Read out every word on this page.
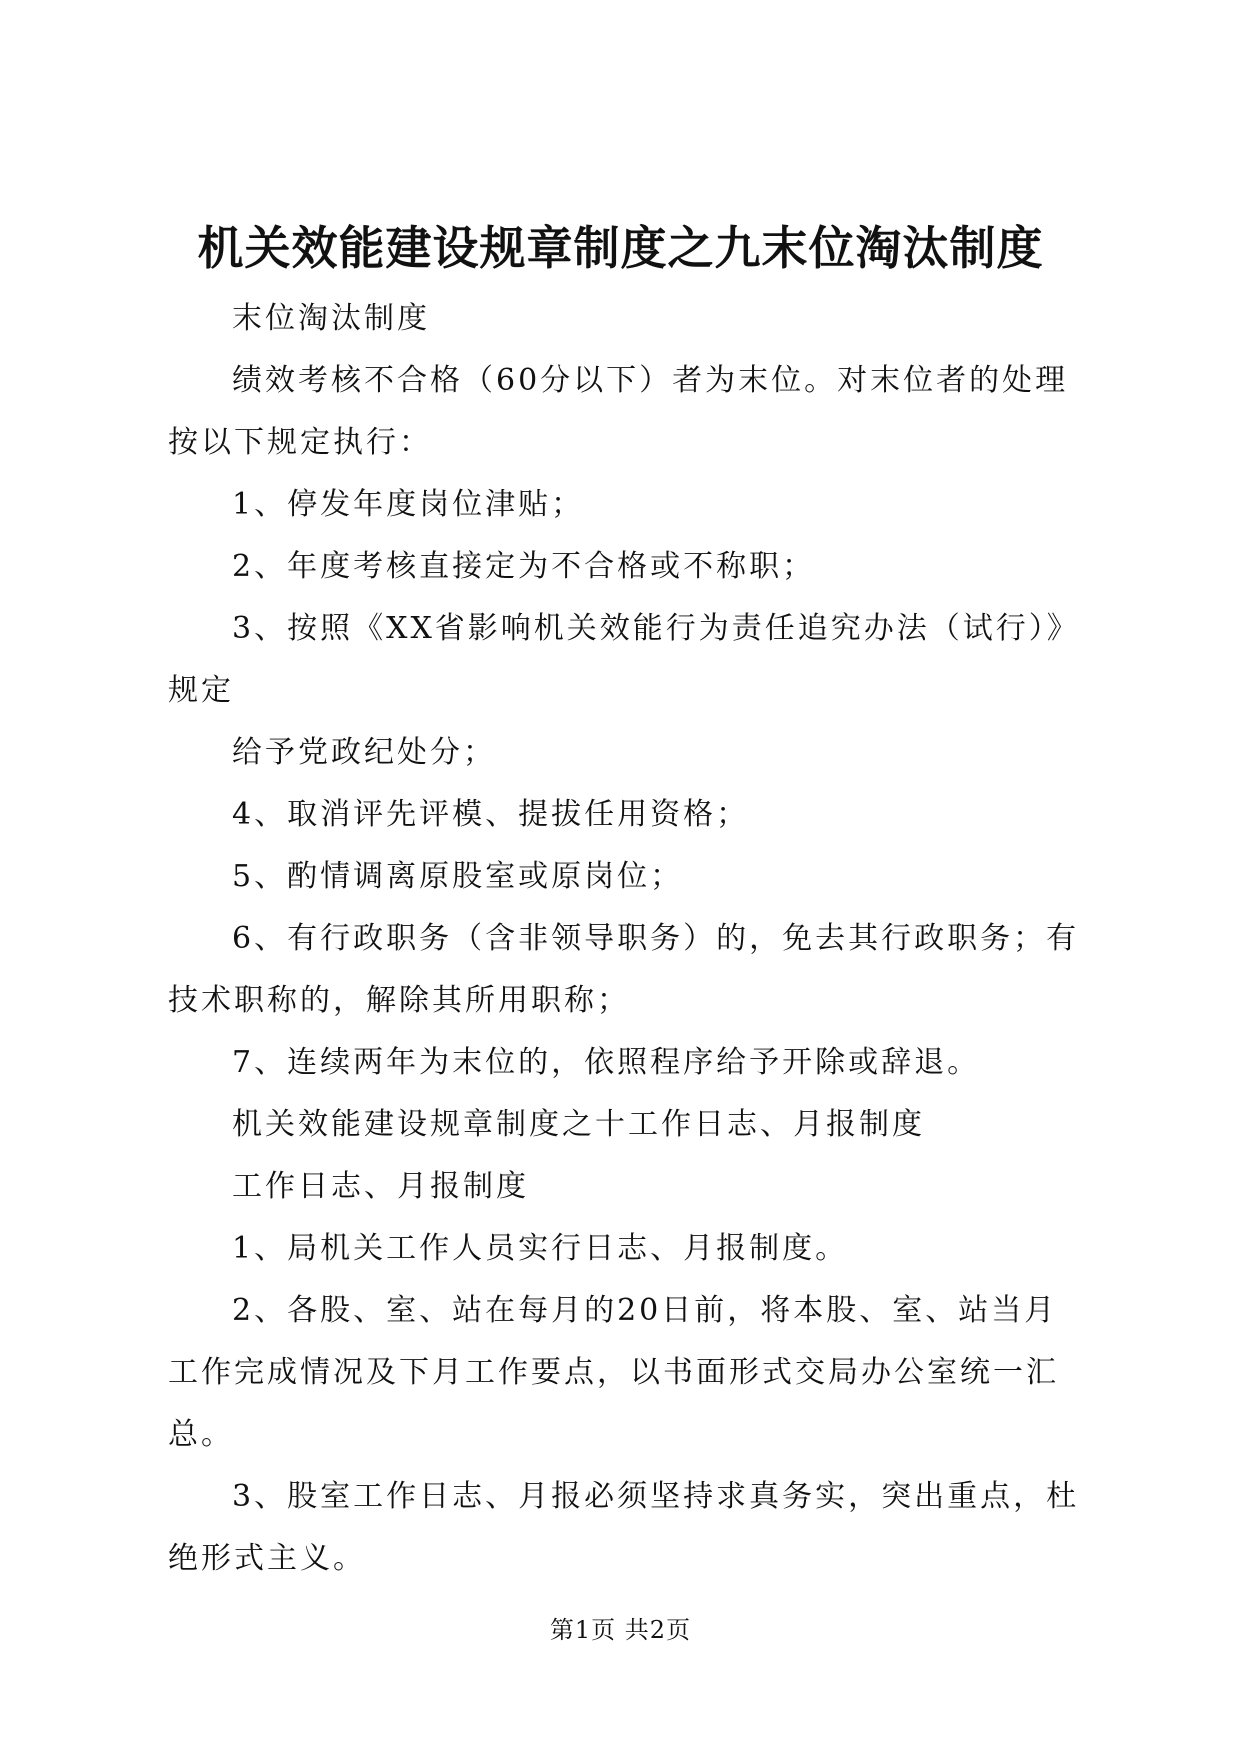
机关效能建设规章制度之九末位淘汰制度

末位淘汰制度

绩效考核不合格（60分以下）者为末位。对末位者的处理按以下规定执行：

1、停发年度岗位津贴；

2、年度考核直接定为不合格或不称职；

3、按照《XX省影响机关效能行为责任追究办法（试行）》规定

给予党政纪处分；

4、取消评先评模、提拔任用资格；

5、酌情调离原股室或原岗位；

6、有行政职务（含非领导职务）的，免去其行政职务；有技术职称的，解除其所用职称；

7、连续两年为末位的，依照程序给予开除或辞退。

机关效能建设规章制度之十工作日志、月报制度

工作日志、月报制度

1、局机关工作人员实行日志、月报制度。

2、各股、室、站在每月的20日前，将本股、室、站当月工作完成情况及下月工作要点，以书面形式交局办公室统一汇总。

3、股室工作日志、月报必须坚持求真务实，突出重点，杜绝形式主义。

第1页 共2页
